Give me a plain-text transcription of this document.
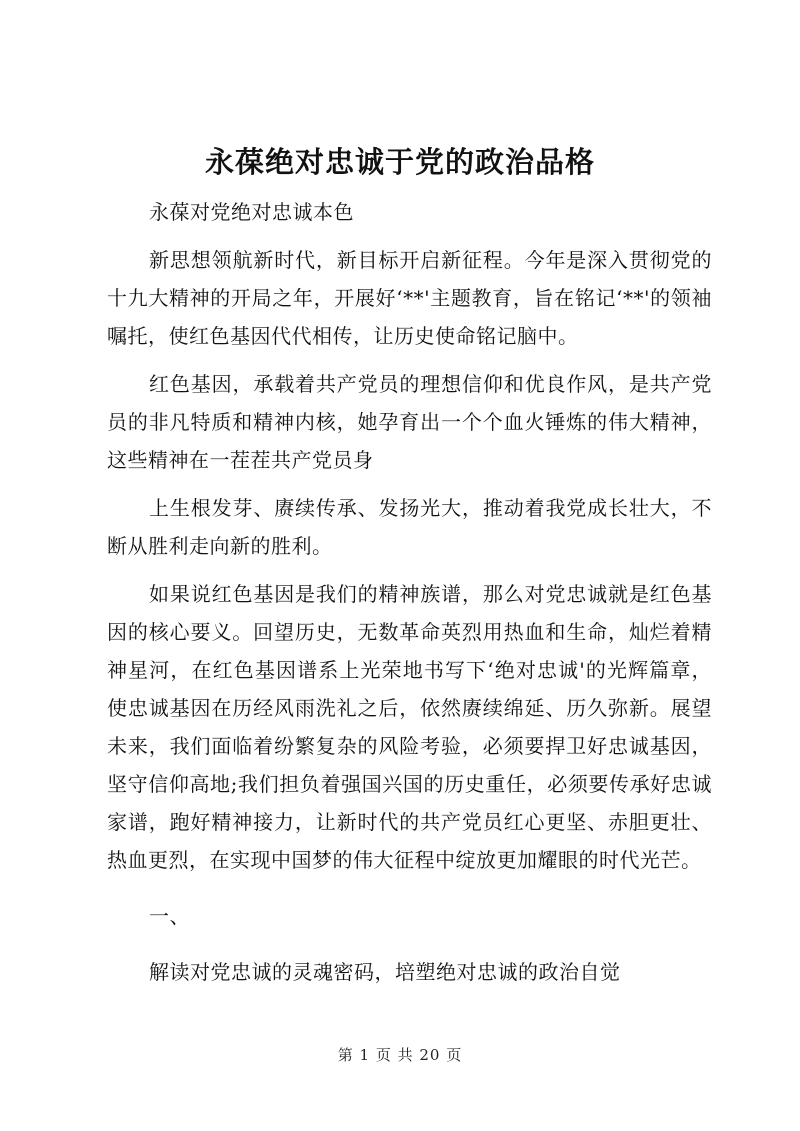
永葆绝对忠诚于党的政治品格

永葆对党绝对忠诚本色

新思想领航新时代，新目标开启新征程。今年是深入贯彻党的十九大精神的开局之年，开展好‘**'主题教育，旨在铭记‘**'的领袖嘱托，使红色基因代代相传，让历史使命铭记脑中。

红色基因，承载着共产党员的理想信仰和优良作风，是共产党员的非凡特质和精神内核，她孕育出一个个血火锤炼的伟大精神，这些精神在一茬茬共产党员身

上生根发芽、赓续传承、发扬光大，推动着我党成长壮大，不断从胜利走向新的胜利。

如果说红色基因是我们的精神族谱，那么对党忠诚就是红色基因的核心要义。回望历史，无数革命英烈用热血和生命，灿烂着精神星河，在红色基因谱系上光荣地书写下‘绝对忠诚'的光辉篇章，使忠诚基因在历经风雨洗礼之后，依然赓续绵延、历久弥新。展望未来，我们面临着纷繁复杂的风险考验，必须要捍卫好忠诚基因，坚守信仰高地;我们担负着强国兴国的历史重任，必须要传承好忠诚家谱，跑好精神接力，让新时代的共产党员红心更坚、赤胆更壮、热血更烈，在实现中国梦的伟大征程中绽放更加耀眼的时代光芒。

一、

解读对党忠诚的灵魂密码，培塑绝对忠诚的政治自觉

第 1 页 共 20 页
